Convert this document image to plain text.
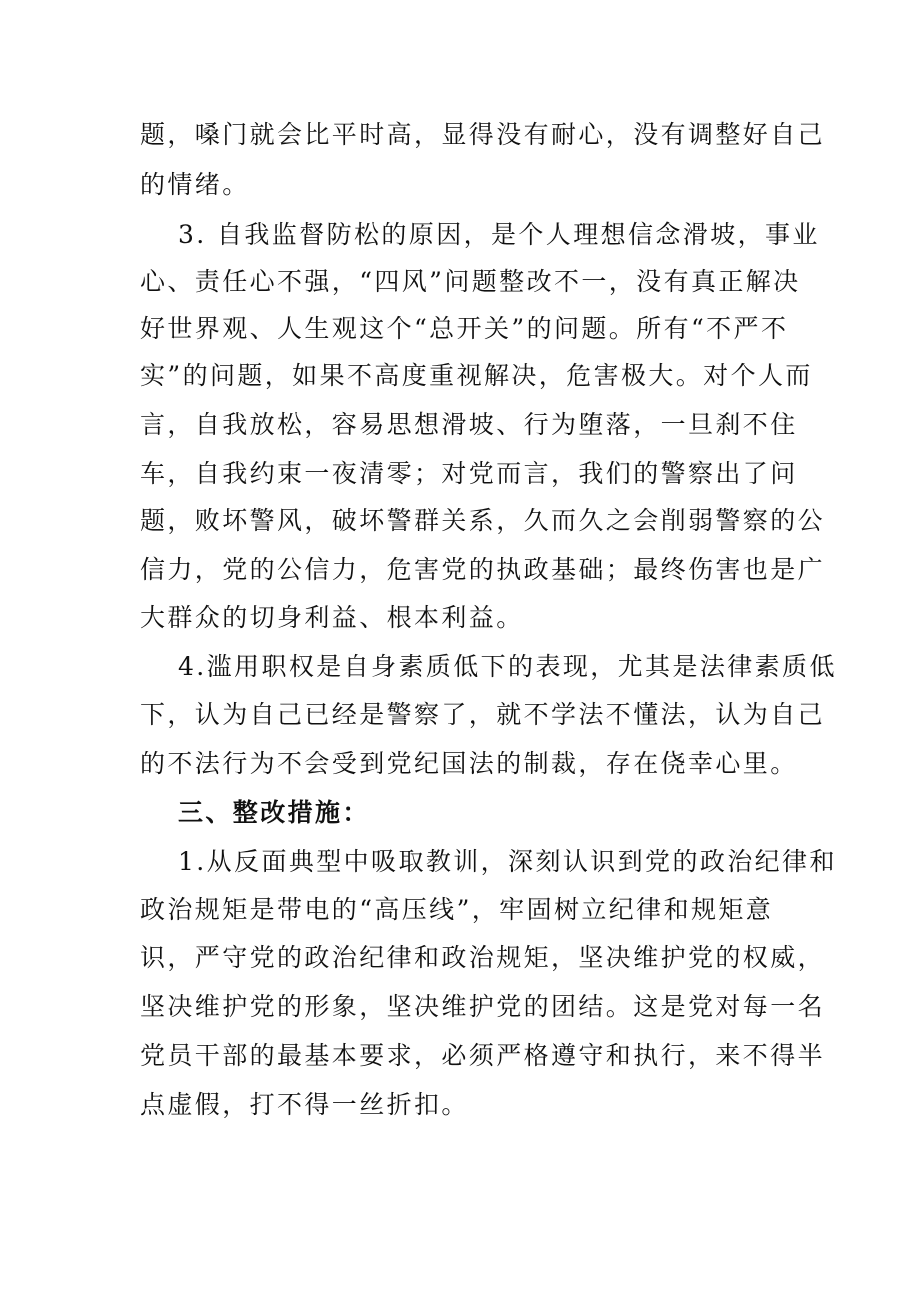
题，嗓门就会比平时高，显得没有耐心，没有调整好自己
的情绪。
3. 自我监督防松的原因，是个人理想信念滑坡，事业
心、责任心不强，“四风”问题整改不一，没有真正解决
好世界观、人生观这个“总开关”的问题。所有“不严不
实”的问题，如果不高度重视解决，危害极大。对个人而
言，自我放松，容易思想滑坡、行为堕落，一旦刹不住
车，自我约束一夜清零；对党而言，我们的警察出了问
题，败坏警风，破坏警群关系，久而久之会削弱警察的公
信力，党的公信力，危害党的执政基础；最终伤害也是广
大群众的切身利益、根本利益。
4.滥用职权是自身素质低下的表现，尤其是法律素质低
下，认为自己已经是警察了，就不学法不懂法，认为自己
的不法行为不会受到党纪国法的制裁，存在侥幸心里。
三、整改措施：
1.从反面典型中吸取教训，深刻认识到党的政治纪律和
政治规矩是带电的“高压线”，牢固树立纪律和规矩意
识，严守党的政治纪律和政治规矩，坚决维护党的权威，
坚决维护党的形象，坚决维护党的团结。这是党对每一名
党员干部的最基本要求，必须严格遵守和执行，来不得半
点虚假，打不得一丝折扣。
